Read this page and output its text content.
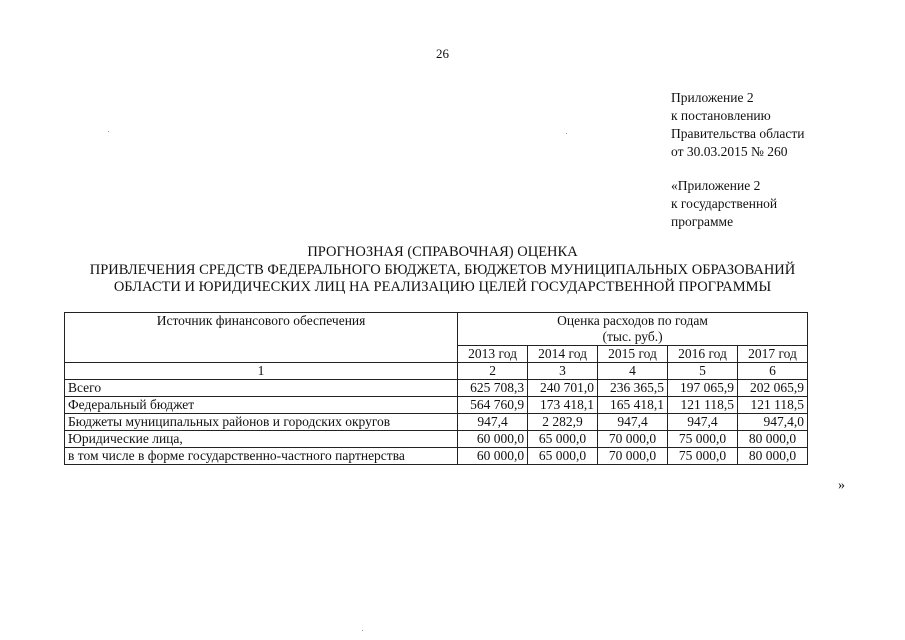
26
Приложение 2
к постановлению
Правительства области
от 30.03.2015 № 260
«Приложение 2
к государственной
программе
ПРОГНОЗНАЯ (СПРАВОЧНАЯ) ОЦЕНКА
ПРИВЛЕЧЕНИЯ СРЕДСТВ ФЕДЕРАЛЬНОГО БЮДЖЕТА, БЮДЖЕТОВ МУНИЦИПАЛЬНЫХ ОБРАЗОВАНИЙ
ОБЛАСТИ И ЮРИДИЧЕСКИХ ЛИЦ НА РЕАЛИЗАЦИЮ ЦЕЛЕЙ ГОСУДАРСТВЕННОЙ ПРОГРАММЫ
Источник финансового обеспечения	Оценка расходов по годам
(тыс. руб.)				

	2013 год	2014 год	2015 год	2016 год	2017 год
1	2	3	4	5	6
Всего	625 708,3	240 701,0	236 365,5	197 065,9	202 065,9
Федеральный бюджет	564 760,9	173 418,1	165 418,1	121 118,5	121 118,5
Бюджеты муниципальных районов и городских округов	947,4	2 282,9	947,4	947,4	947,4,0
Юридические лица,	60 000,0	65 000,0	70 000,0	75 000,0	80 000,0
в том числе в форме государственно-частного партнерства	60 000,0	65 000,0	70 000,0	75 000,0	80 000,0
»
